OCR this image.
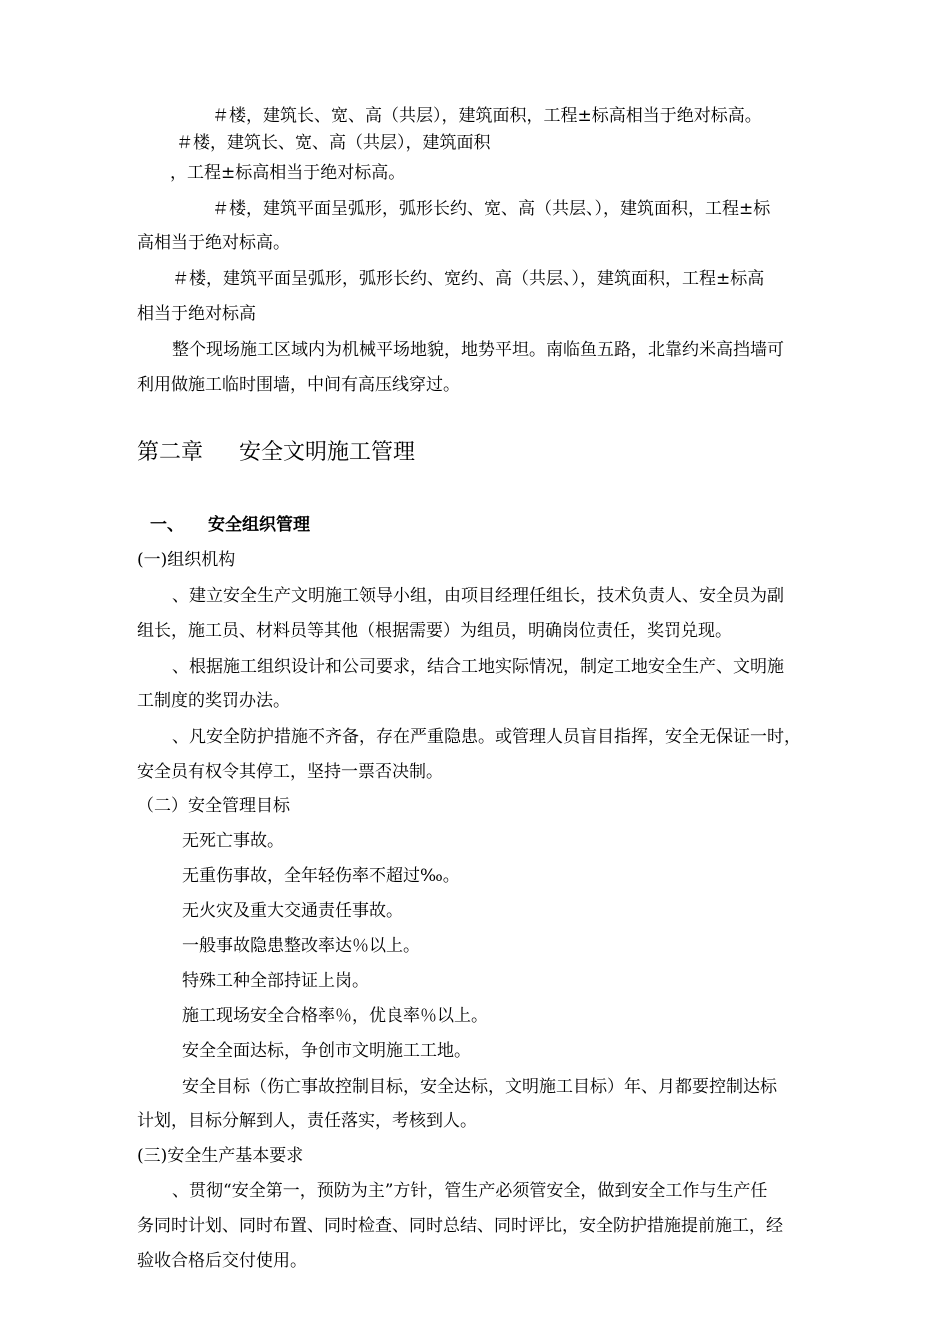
＃楼，建筑长、宽、高（共层），建筑面积，工程±标高相当于绝对标高。
＃楼，建筑长、宽、高（共层），建筑面积
，工程±标高相当于绝对标高。
＃楼，建筑平面呈弧形，弧形长约、宽、高（共层、），建筑面积，工程±标
高相当于绝对标高。
＃楼，建筑平面呈弧形，弧形长约、宽约、高（共层、），建筑面积，工程±标高
相当于绝对标高
整个现场施工区域内为机械平场地貌，地势平坦。南临鱼五路，北靠约米高挡墙可
利用做施工临时围墙，中间有高压线穿过。
第二章 安全文明施工管理
一、 安全组织管理
(一)组织机构
、建立安全生产文明施工领导小组，由项目经理任组长，技术负责人、安全员为副
组长，施工员、材料员等其他（根据需要）为组员，明确岗位责任，奖罚兑现。
、根据施工组织设计和公司要求，结合工地实际情况，制定工地安全生产、文明施
工制度的奖罚办法。
、凡安全防护措施不齐备，存在严重隐患。或管理人员盲目指挥，安全无保证一时，
安全员有权令其停工，坚持一票否决制。
（二）安全管理目标
无死亡事故。
无重伤事故，全年轻伤率不超过‰。
无火灾及重大交通责任事故。
一般事故隐患整改率达％以上。
特殊工种全部持证上岗。
施工现场安全合格率％，优良率％以上。
安全全面达标，争创市文明施工工地。
安全目标（伤亡事故控制目标，安全达标，文明施工目标）年、月都要控制达标
计划，目标分解到人，责任落实，考核到人。
(三)安全生产基本要求
、贯彻“安全第一，预防为主”方针，管生产必须管安全，做到安全工作与生产任
务同时计划、同时布置、同时检查、同时总结、同时评比，安全防护措施提前施工，经
验收合格后交付使用。
